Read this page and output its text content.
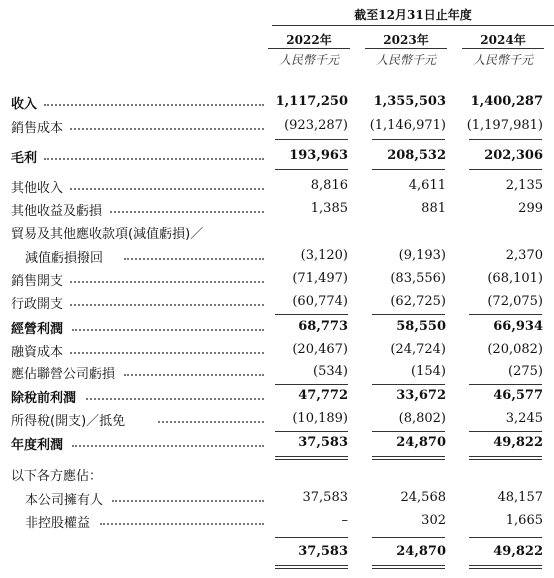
截至12月31日止年度
2022年	2023年	2024年
人民幣千元	人民幣千元	人民幣千元
收入	1,117,250	1,355,503	1,400,287
銷售成本	(923,287)	(1,146,971)	(1,197,981)
毛利	193,963	208,532	202,306
其他收入	8,816	4,611	2,135
其他收益及虧損	1,385	881	299
貿易及其他應收款項(減值虧損)／
減值虧損撥回	(3,120)	(9,193)	2,370
銷售開支	(71,497)	(83,556)	(68,101)
行政開支	(60,774)	(62,725)	(72,075)
經營利潤	68,773	58,550	66,934
融資成本	(20,467)	(24,724)	(20,082)
應佔聯營公司虧損	(534)	(154)	(275)
除稅前利潤	47,772	33,672	46,577
所得稅(開支)／抵免	(10,189)	(8,802)	3,245
年度利潤	37,583	24,870	49,822
以下各方應佔：
本公司擁有人	37,583	24,568	48,157
非控股權益	–	302	1,665
37,583	24,870	49,822
